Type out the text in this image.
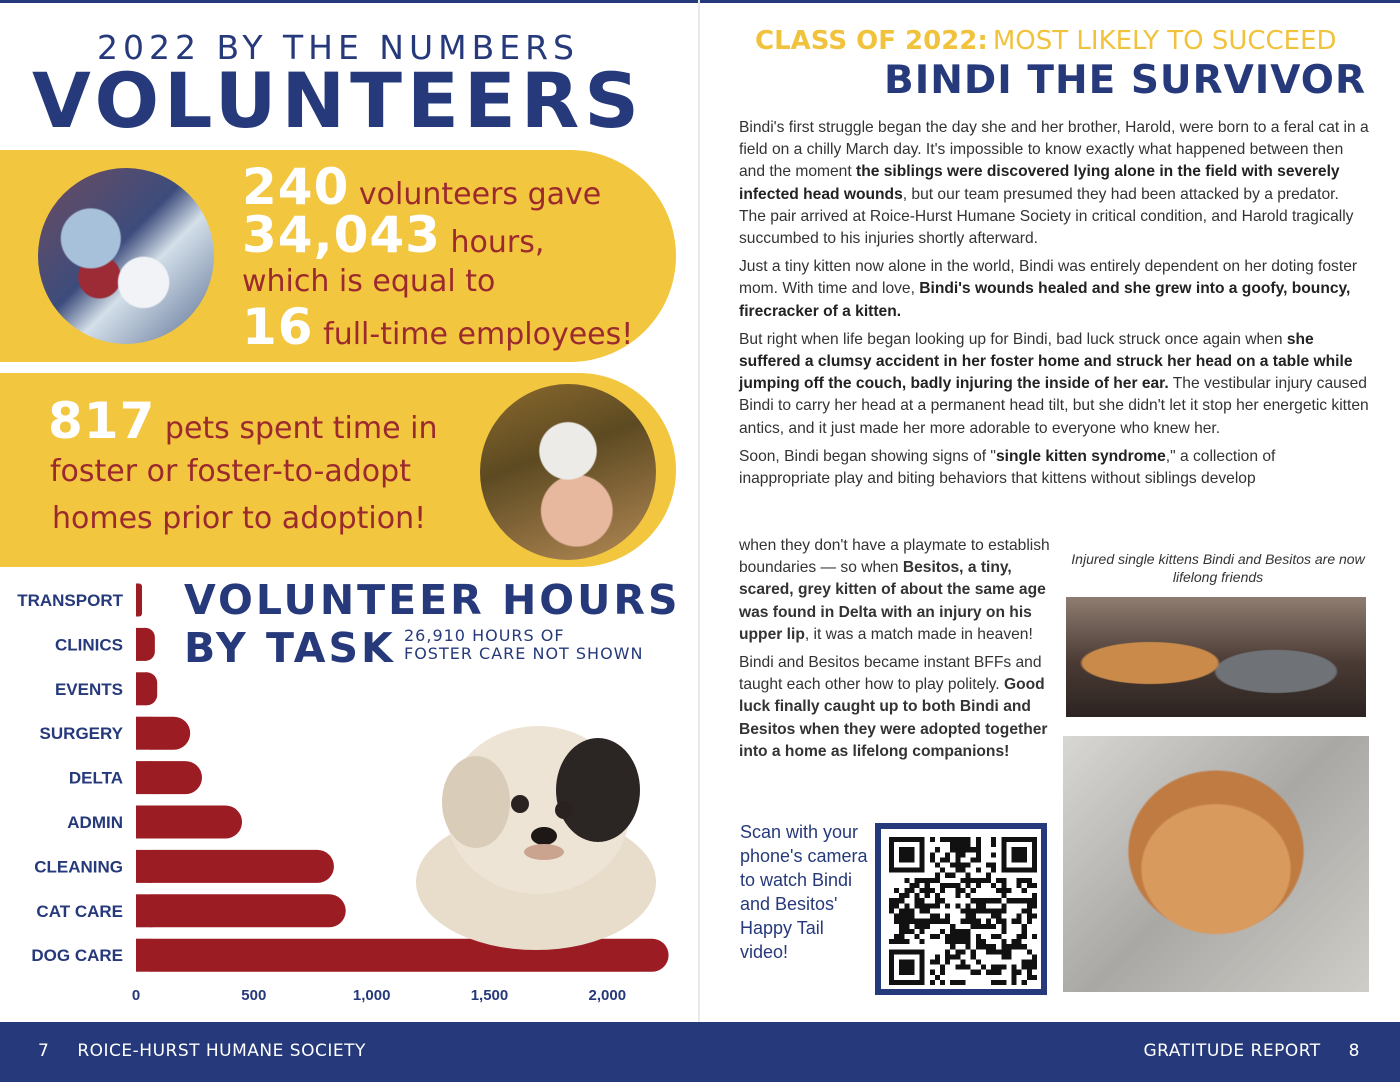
2022 BY THE NUMBERS
VOLUNTEERS
240 volunteers gave
34,043 hours,
which is equal to
16 full-time employees!
817 pets spent time in
foster or foster-to-adopt
homes prior to adoption!
TRANSPORT
CLINICS
EVENTS
SURGERY
DELTA
ADMIN
CLEANING
CAT CARE
DOG CARE
0	500	1,000	1,500	2,000
VOLUNTEER HOURS
BY TASK 26,910 HOURS OF
FOSTER CARE NOT SHOWN
CLASS OF 2022: MOST LIKELY TO SUCCEED
BINDI THE SURVIVOR

Bindi's first struggle began the day she and her brother, Harold, were born to a feral cat in a field on a chilly March day. It's impossible to know exactly what happened between then and the moment the siblings were discovered lying alone in the field with severely infected head wounds, but our team presumed they had been attacked by a predator. The pair arrived at Roice-Hurst Humane Society in critical condition, and Harold tragically succumbed to his injuries shortly afterward.

Just a tiny kitten now alone in the world, Bindi was entirely dependent on her doting foster mom. With time and love, Bindi's wounds healed and she grew into a goofy, bouncy, firecracker of a kitten.

But right when life began looking up for Bindi, bad luck struck once again when she suffered a clumsy accident in her foster home and struck her head on a table while jumping off the couch, badly injuring the inside of her ear. The vestibular injury caused Bindi to carry her head at a permanent head tilt, but she didn't let it stop her energetic kitten antics, and it just made her more adorable to everyone who knew her.

Soon, Bindi began showing signs of "single kitten syndrome," a collection of inappropriate play and biting behaviors that kittens without siblings develop

when they don't have a playmate to establish boundaries — so when Besitos, a tiny, scared, grey kitten of about the same age was found in Delta with an injury on his upper lip, it was a match made in heaven!

Bindi and Besitos became instant BFFs and taught each other how to play politely. Good luck finally caught up to both Bindi and Besitos when they were adopted together into a home as lifelong companions!

Injured single kittens Bindi and Besitos are now lifelong friends
Scan with your phone's camera to watch Bindi and Besitos' Happy Tail video!
7 ROICE-HURST HUMANE SOCIETY	GRATITUDE REPORT 8
